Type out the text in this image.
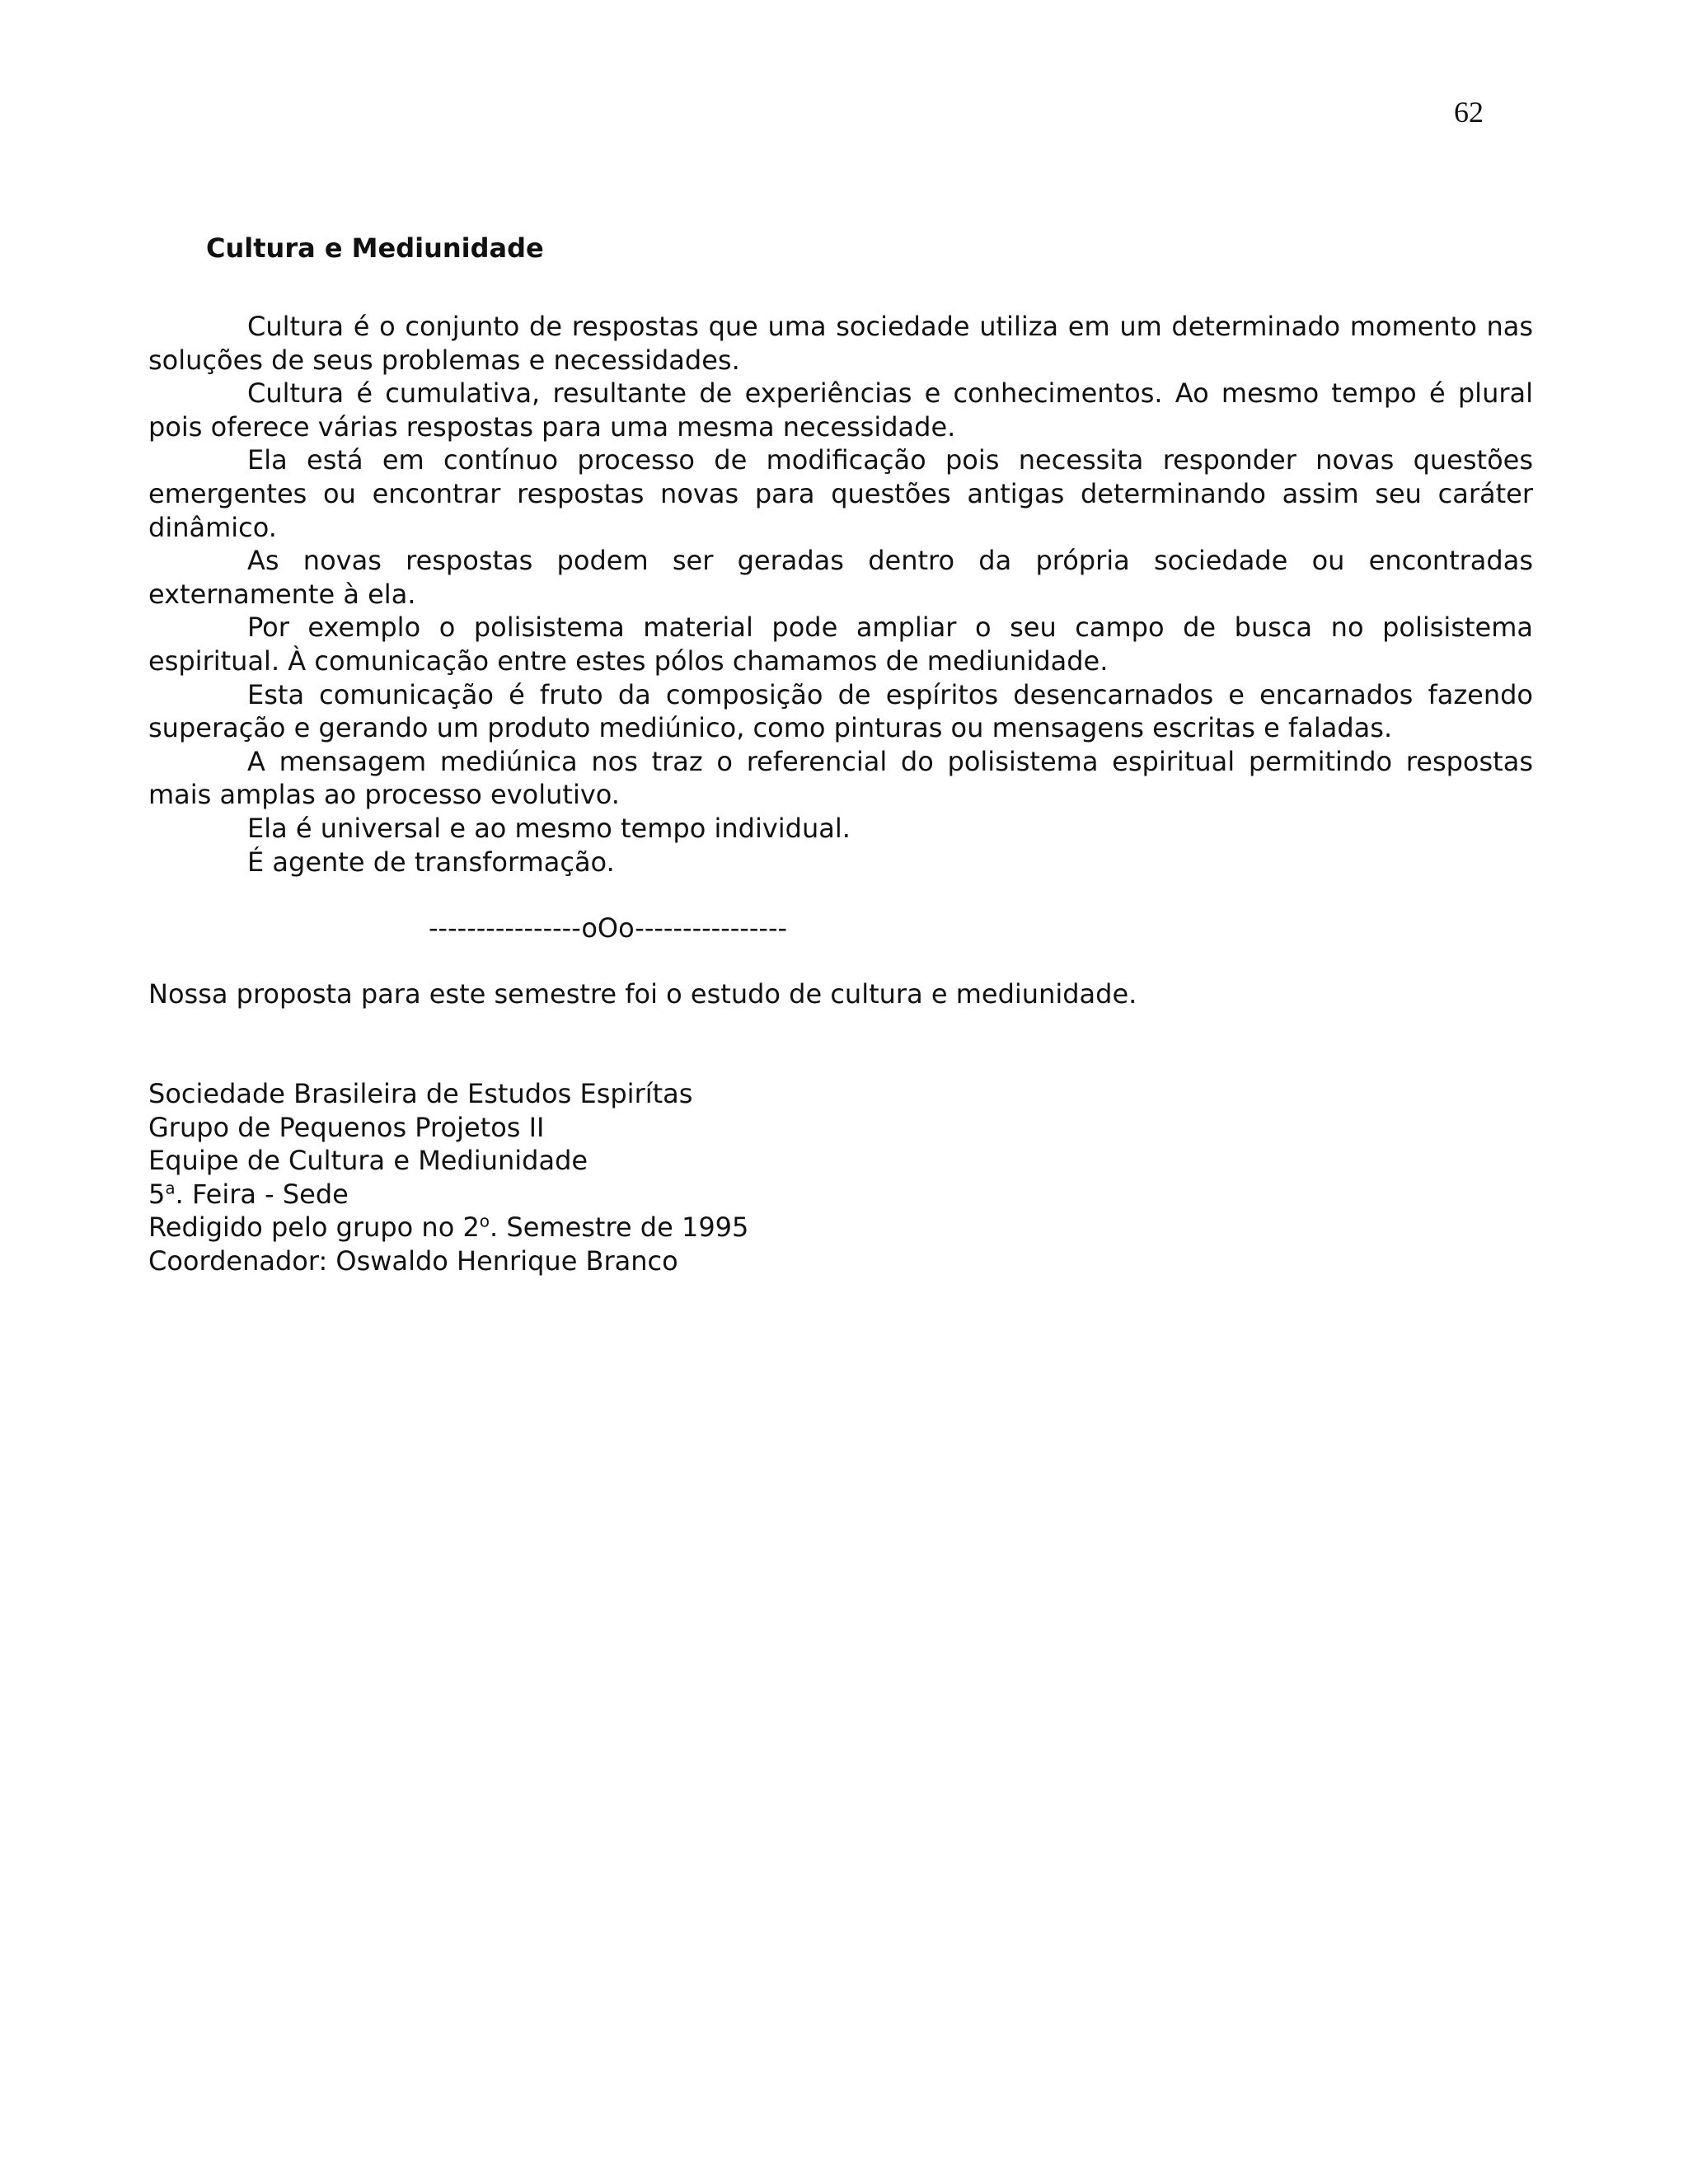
62
Cultura e Mediunidade

Cultura é o conjunto de respostas que uma sociedade utiliza em um determinado momento nas soluções de seus problemas e necessidades.

Cultura é cumulativa, resultante de experiências e conhecimentos. Ao mesmo tempo é plural pois oferece várias respostas para uma mesma necessidade.

Ela está em contínuo processo de modificação pois necessita responder novas questões emergentes ou encontrar respostas novas para questões antigas determinando assim seu caráter dinâmico.

As novas respostas podem ser geradas dentro da própria sociedade ou encontradas externamente à ela.

Por exemplo o polisistema material pode ampliar o seu campo de busca no polisistema espiritual. À comunicação entre estes pólos chamamos de mediunidade.

Esta comunicação é fruto da composição de espíritos desencarnados e encarnados fazendo superação e gerando um produto mediúnico, como pinturas ou mensagens escritas e faladas.

A mensagem mediúnica nos traz o referencial do polisistema espiritual permitindo respostas mais amplas ao processo evolutivo.

Ela é universal e ao mesmo tempo individual.

É agente de transformação.

----------------oOo----------------

Nossa proposta para este semestre foi o estudo de cultura e mediunidade.

Sociedade Brasileira de Estudos Espirítas
Grupo de Pequenos Projetos II
Equipe de Cultura e Mediunidade
5$^a$. Feira - Sede
Redigido pelo grupo no 2$^o$. Semestre de 1995
Coordenador: Oswaldo Henrique Branco
